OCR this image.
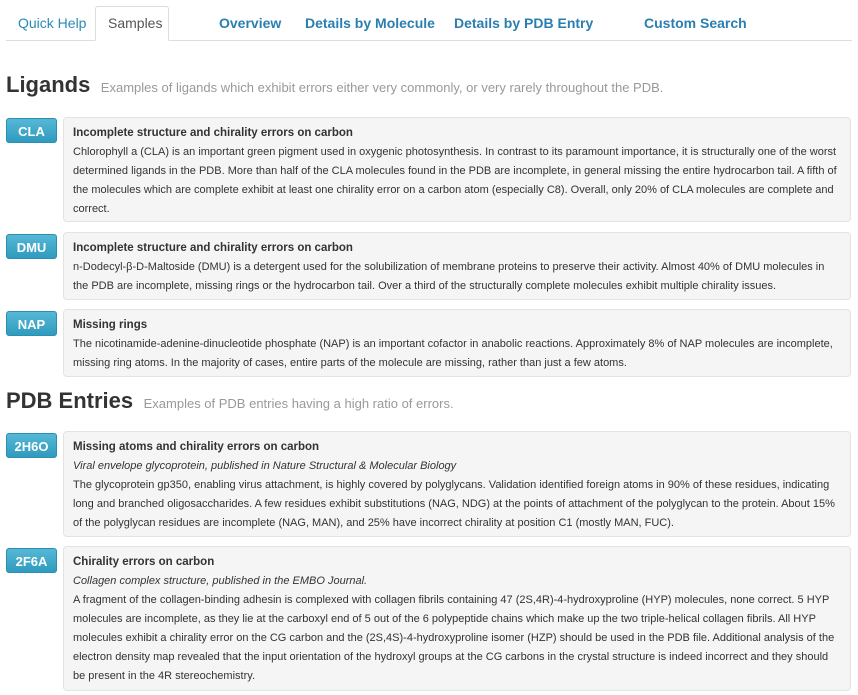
Quick Help	Samples	Overview	Details by Molecule	Details by PDB Entry	Custom Search
Ligands Examples of ligands which exhibit errors either very commonly, or very rarely throughout the PDB.
CLA	Incomplete structure and chirality errors on carbon

Chlorophyll a (CLA) is an important green pigment used in oxygenic photosynthesis. In contrast to its paramount importance, it is structurally one of the worst determined ligands in the PDB. More than half of the CLA molecules found in the PDB are incomplete, in general missing the entire hydrocarbon tail. A fifth of the molecules which are complete exhibit at least one chirality error on a carbon atom (especially C8). Overall, only 20% of CLA molecules are complete and correct.

DMU	Incomplete structure and chirality errors on carbon

n-Dodecyl-β-D-Maltoside (DMU) is a detergent used for the solubilization of membrane proteins to preserve their activity. Almost 40% of DMU molecules in the PDB are incomplete, missing rings or the hydrocarbon tail. Over a third of the structurally complete molecules exhibit multiple chirality issues.

NAP	Missing rings

The nicotinamide-adenine-dinucleotide phosphate (NAP) is an important cofactor in anabolic reactions. Approximately 8% of NAP molecules are incomplete, missing ring atoms. In the majority of cases, entire parts of the molecule are missing, rather than just a few atoms.

PDB Entries Examples of PDB entries having a high ratio of errors.
2H6O	Missing atoms and chirality errors on carbon
Viral envelope glycoprotein, published in Nature Structural & Molecular Biology

The glycoprotein gp350, enabling virus attachment, is highly covered by polyglycans. Validation identified foreign atoms in 90% of these residues, indicating long and branched oligosaccharides. A few residues exhibit substitutions (NAG, NDG) at the points of attachment of the polyglycan to the protein. About 15% of the polyglycan residues are incomplete (NAG, MAN), and 25% have incorrect chirality at position C1 (mostly MAN, FUC).

2F6A	Chirality errors on carbon
Collagen complex structure, published in the EMBO Journal.

A fragment of the collagen-binding adhesin is complexed with collagen fibrils containing 47 (2S,4R)-4-hydroxyproline (HYP) molecules, none correct. 5 HYP molecules are incomplete, as they lie at the carboxyl end of 5 out of the 6 polypeptide chains which make up the two triple-helical collagen fibrils. All HYP molecules exhibit a chirality error on the CG carbon and the (2S,4S)-4-hydroxyproline isomer (HZP) should be used in the PDB file. Additional analysis of the electron density map revealed that the input orientation of the hydroxyl groups at the CG carbons in the crystal structure is indeed incorrect and they should be present in the 4R stereochemistry.
